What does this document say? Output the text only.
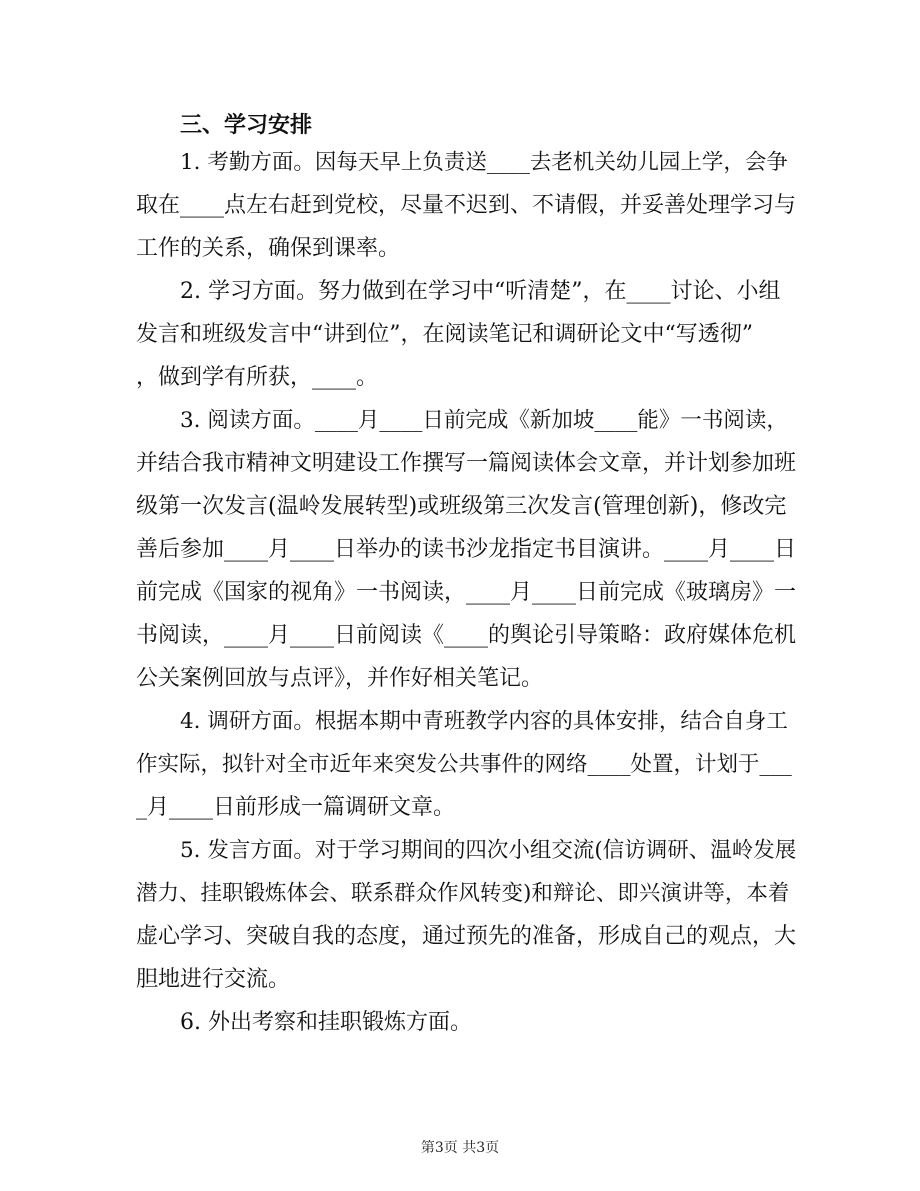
三、学习安排
1. 考勤方面。因每天早上负责送____去老机关幼儿园上学，会争
取在____点左右赶到党校，尽量不迟到、不请假，并妥善处理学习与
工作的关系，确保到课率。
2. 学习方面。努力做到在学习中“听清楚”，在____讨论、小组
发言和班级发言中“讲到位”，在阅读笔记和调研论文中“写透彻”
，做到学有所获，____。
3. 阅读方面。____月____日前完成《新加坡____能》一书阅读，
并结合我市精神文明建设工作撰写一篇阅读体会文章，并计划参加班
级第一次发言(温岭发展转型)或班级第三次发言(管理创新)，修改完
善后参加____月____日举办的读书沙龙指定书目演讲。____月____日
前完成《国家的视角》一书阅读，____月____日前完成《玻璃房》一
书阅读，____月____日前阅读《____的舆论引导策略：政府媒体危机
公关案例回放与点评》，并作好相关笔记。
4. 调研方面。根据本期中青班教学内容的具体安排，结合自身工
作实际，拟针对全市近年来突发公共事件的网络____处置，计划于___
_月____日前形成一篇调研文章。
5. 发言方面。对于学习期间的四次小组交流(信访调研、温岭发展
潜力、挂职锻炼体会、联系群众作风转变)和辩论、即兴演讲等，本着
虚心学习、突破自我的态度，通过预先的准备，形成自己的观点，大
胆地进行交流。
6. 外出考察和挂职锻炼方面。
第3页 共3页
